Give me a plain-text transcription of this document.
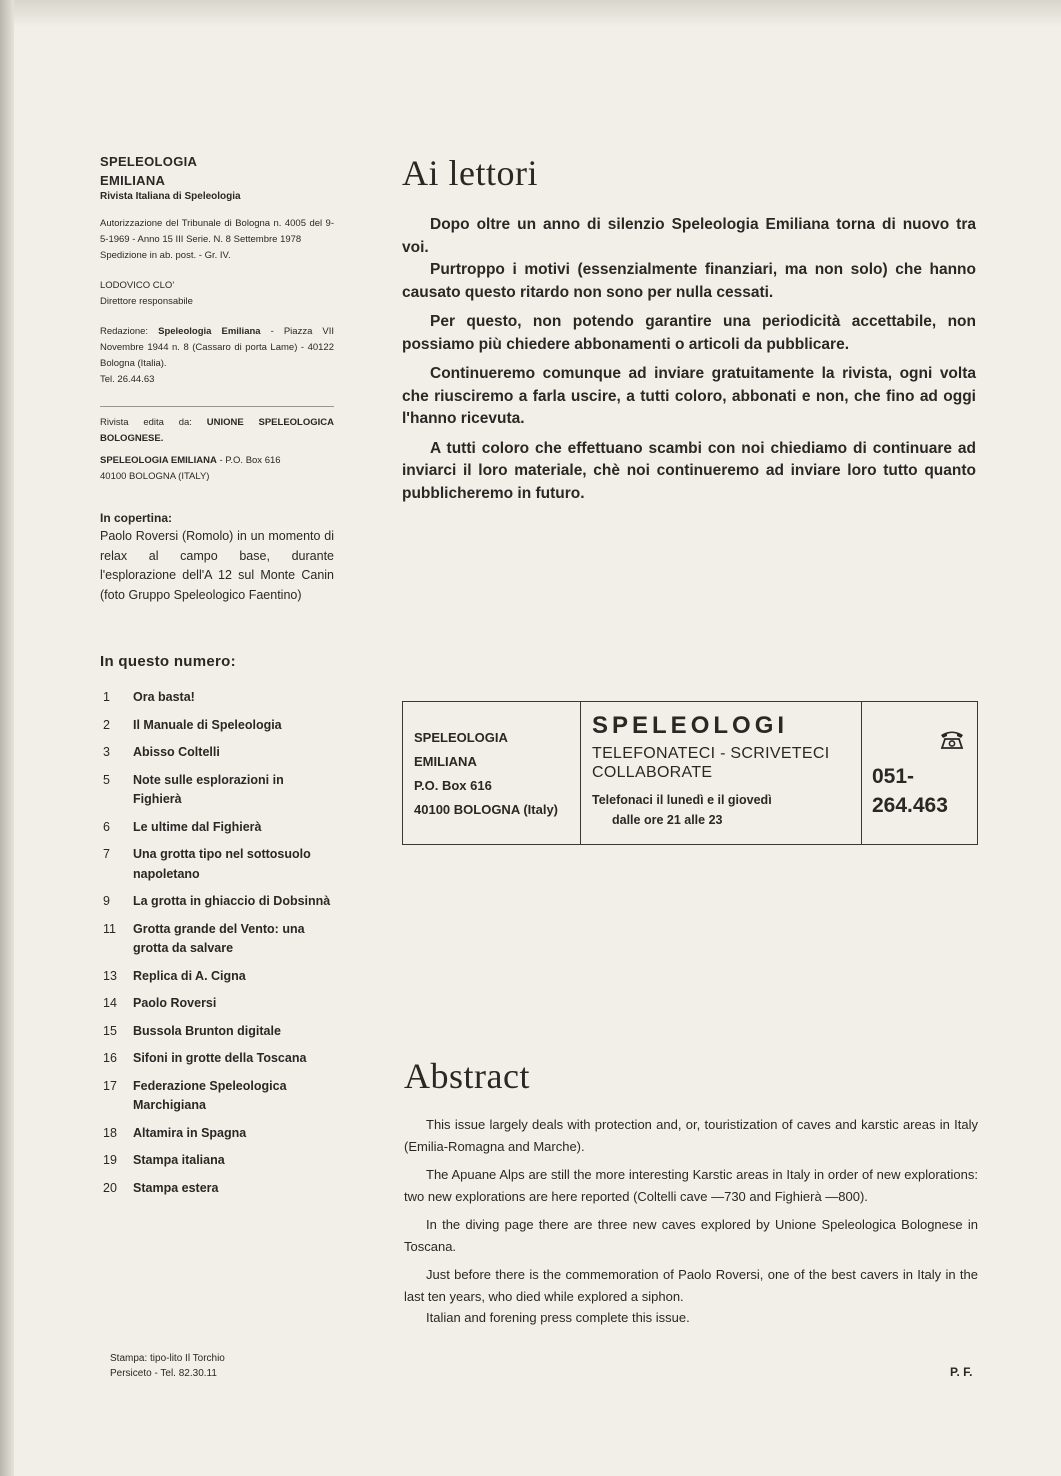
SPELEOLOGIA
EMILIANA
Rivista Italiana di Speleologia
Autorizzazione del Tribunale di Bologna n. 4005 del 9-5-1969 - Anno 15 III Serie. N. 8 Settembre 1978
Spedizione in ab. post. - Gr. IV.
LODOVICO CLO'
Direttore responsabile
Redazione: Speleologia Emiliana - Piazza VII Novembre 1944 n. 8 (Cassaro di porta Lame) - 40122 Bologna (Italia).
Tel. 26.44.63
Rivista edita da: UNIONE SPELEOLOGICA BOLOGNESE.
SPELEOLOGIA EMILIANA - P.O. Box 616
40100 BOLOGNA (ITALY)
In copertina:
Paolo Roversi (Romolo) in un momento di relax al campo base, durante l'esplorazione dell'A 12 sul Monte Canin (foto Gruppo Speleologico Faentino)
In questo numero:
1	Ora basta!
2	Il Manuale di Speleologia
3	Abisso Coltelli
5	Note sulle esplorazioni in Fighierà
6	Le ultime dal Fighierà
7	Una grotta tipo nel sottosuolo napoletano
9	La grotta in ghiaccio di Dobsinnà
11	Grotta grande del Vento: una grotta da salvare
13	Replica di A. Cigna
14	Paolo Roversi
15	Bussola Brunton digitale
16	Sifoni in grotte della Toscana
17	Federazione Speleologica Marchigiana
18	Altamira in Spagna
19	Stampa italiana
20	Stampa estera
Stampa: tipo-lito Il Torchio
Persiceto - Tel. 82.30.11
Ai lettori

Dopo oltre un anno di silenzio Speleologia Emiliana torna di nuovo tra voi.

Purtroppo i motivi (essenzialmente finanziari, ma non solo) che hanno causato questo ritardo non sono per nulla cessati.

Per questo, non potendo garantire una periodicità accettabile, non possiamo più chiedere abbonamenti o articoli da pubblicare.

Continueremo comunque ad inviare gratuitamente la rivista, ogni volta che riusciremo a farla uscire, a tutti coloro, abbonati e non, che fino ad oggi l'hanno ricevuta.

A tutti coloro che effettuano scambi con noi chiediamo di continuare ad inviarci il loro materiale, chè noi continueremo ad inviare loro tutto quanto pubblicheremo in futuro.

SPELEOLOGIA
EMILIANA
P.O. Box 616
40100 BOLOGNA (Italy)
SPELEOLOGI
TELEFONATECI - SCRIVETECI
COLLABORATE
Telefonaci il lunedì e il giovedì
dalle ore 21 alle 23
051-
264.463
Abstract

This issue largely deals with protection and, or, touristization of caves and karstic areas in Italy (Emilia-Romagna and Marche).

The Apuane Alps are still the more interesting Karstic areas in Italy in order of new explorations: two new explorations are here reported (Coltelli cave —730 and Fighierà —800).

In the diving page there are three new caves explored by Unione Speleologica Bolognese in Toscana.

Just before there is the commemoration of Paolo Roversi, one of the best cavers in Italy in the last ten years, who died while explored a siphon.

Italian and forening press complete this issue.

P. F.
